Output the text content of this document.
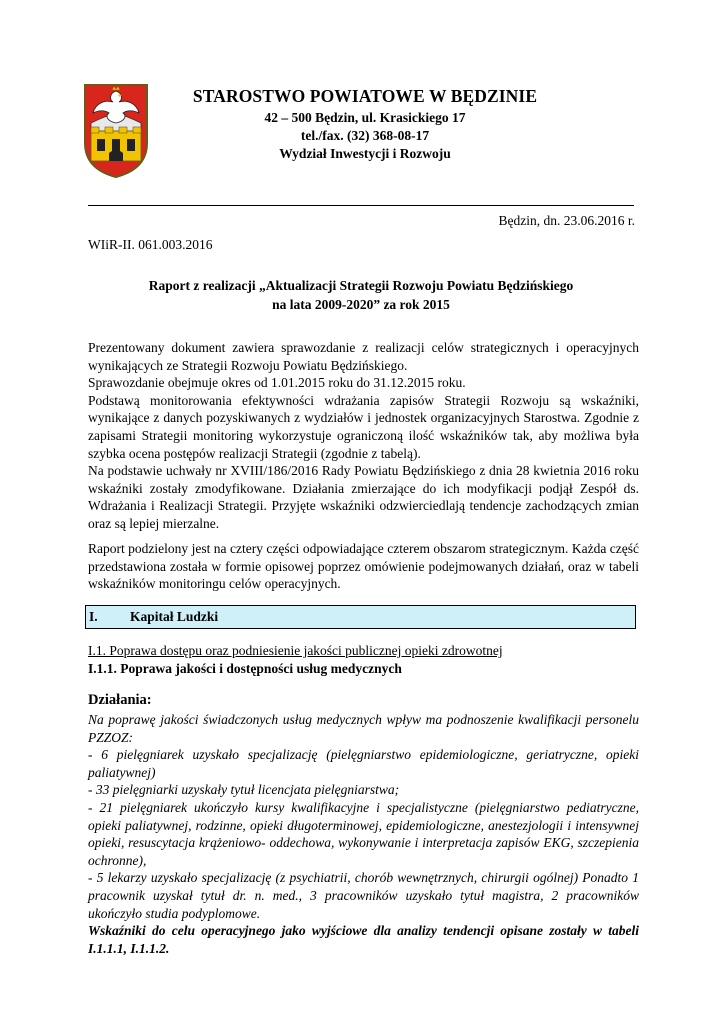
STAROSTWO POWIATOWE W BĘDZINIE
42 – 500 Będzin, ul. Krasickiego 17
tel./fax. (32) 368-08-17
Wydział Inwestycji i Rozwoju
Będzin, dn. 23.06.2016 r.
WIiR-II. 061.003.2016
Raport z realizacji „Aktualizacji Strategii Rozwoju Powiatu Będzińskiego
na lata 2009-2020” za rok 2015

Prezentowany dokument zawiera sprawozdanie z realizacji celów strategicznych i operacyjnych wynikających ze Strategii Rozwoju Powiatu Będzińskiego.

Sprawozdanie obejmuje okres od 1.01.2015 roku do 31.12.2015 roku.

Podstawą monitorowania efektywności wdrażania zapisów Strategii Rozwoju są wskaźniki, wynikające z danych pozyskiwanych z wydziałów i jednostek organizacyjnych Starostwa. Zgodnie z zapisami Strategii monitoring wykorzystuje ograniczoną ilość wskaźników tak, aby możliwa była szybka ocena postępów realizacji Strategii (zgodnie z tabelą).

Na podstawie uchwały nr XVIII/186/2016 Rady Powiatu Będzińskiego z dnia 28 kwietnia 2016 roku wskaźniki zostały zmodyfikowane. Działania zmierzające do ich modyfikacji podjął Zespół ds. Wdrażania i Realizacji Strategii. Przyjęte wskaźniki odzwierciedlają tendencje zachodzących zmian oraz są lepiej mierzalne.

Raport podzielony jest na cztery części odpowiadające czterem obszarom strategicznym. Każda część przedstawiona została w formie opisowej poprzez omówienie podejmowanych działań, oraz w tabeli wskaźników monitoringu celów operacyjnych.

I. Kapitał Ludzki
I.1. Poprawa dostępu oraz podniesienie jakości publicznej opieki zdrowotnej
I.1.1. Poprawa jakości i dostępności usług medycznych
Działania:

Na poprawę jakości świadczonych usług medycznych wpływ ma podnoszenie kwalifikacji personelu PZZOZ:

- 6 pielęgniarek uzyskało specjalizację (pielęgniarstwo epidemiologiczne, geriatryczne, opieki paliatywnej)

- 33 pielęgniarki uzyskały tytuł licencjata pielęgniarstwa;

- 21 pielęgniarek ukończyło kursy kwalifikacyjne i specjalistyczne (pielęgniarstwo pediatryczne, opieki paliatywnej, rodzinne, opieki długoterminowej, epidemiologiczne, anestezjologii i intensywnej opieki, resuscytacja krążeniowo- oddechowa, wykonywanie i interpretacja zapisów EKG, szczepienia ochronne),

- 5 lekarzy uzyskało specjalizację (z psychiatrii, chorób wewnętrznych, chirurgii ogólnej) Ponadto 1 pracownik uzyskał tytuł dr. n. med., 3 pracowników uzyskało tytuł magistra, 2 pracowników ukończyło studia podyplomowe.

Wskaźniki do celu operacyjnego jako wyjściowe dla analizy tendencji opisane zostały w tabeli I.1.1.1, I.1.1.2.
